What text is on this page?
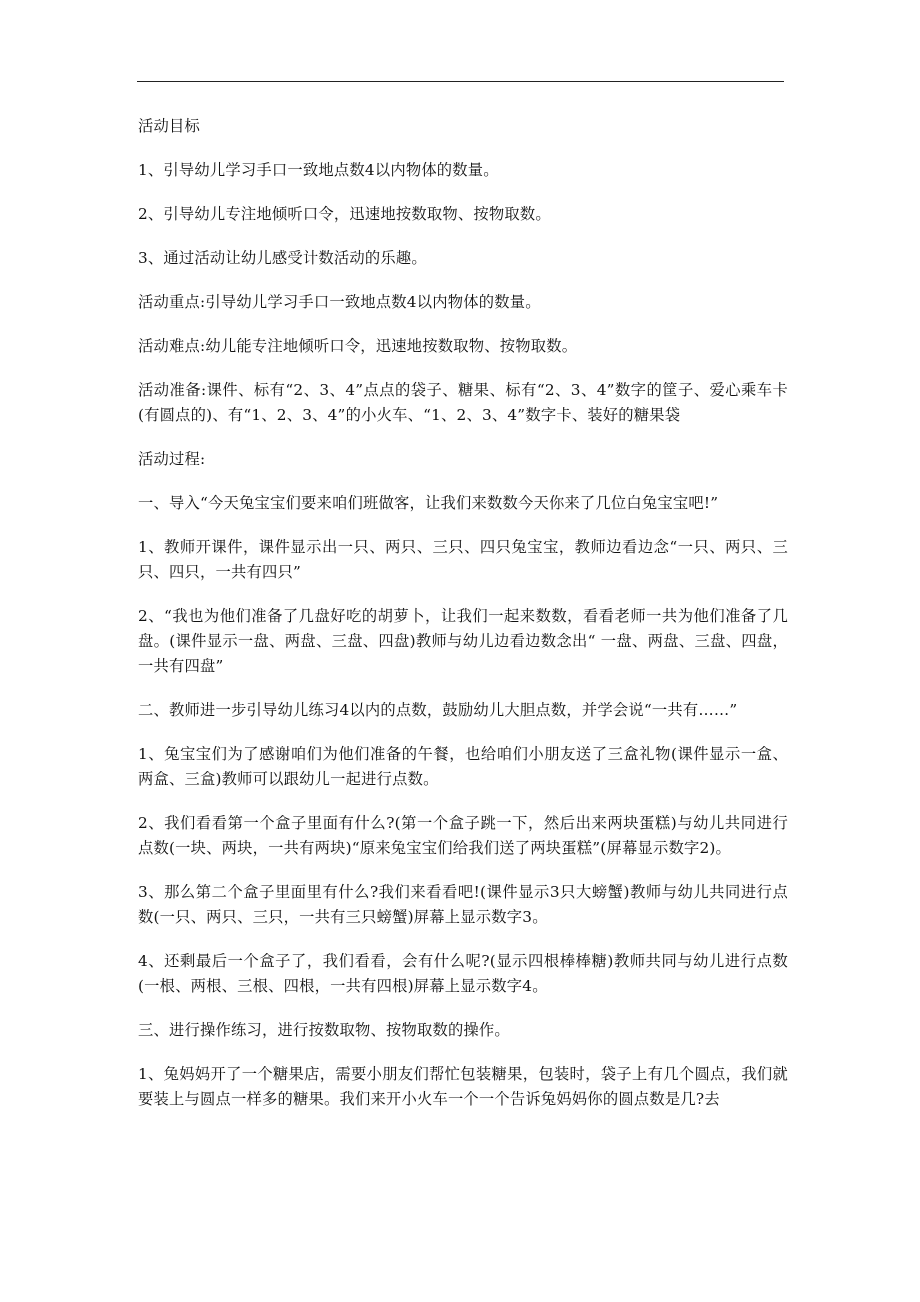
活动目标

1、引导幼儿学习手口一致地点数4以内物体的数量。

2、引导幼儿专注地倾听口令，迅速地按数取物、按物取数。

3、通过活动让幼儿感受计数活动的乐趣。

活动重点:引导幼儿学习手口一致地点数4以内物体的数量。

活动难点:幼儿能专注地倾听口令，迅速地按数取物、按物取数。

活动准备:课件、标有“2、3、4”点点的袋子、糖果、标有“2、3、4”数字的筐子、爱心乘车卡(有圆点的)、有“1、2、3、4”的小火车、“1、2、3、4”数字卡、装好的糖果袋

活动过程:

一、导入“今天兔宝宝们要来咱们班做客，让我们来数数今天你来了几位白兔宝宝吧!”

1、教师开课件，课件显示出一只、两只、三只、四只兔宝宝，教师边看边念“一只、两只、三只、四只，一共有四只”

2、“我也为他们准备了几盘好吃的胡萝卜，让我们一起来数数，看看老师一共为他们准备了几盘。(课件显示一盘、两盘、三盘、四盘)教师与幼儿边看边数念出“ 一盘、两盘、三盘、四盘，一共有四盘”

二、教师进一步引导幼儿练习4以内的点数，鼓励幼儿大胆点数，并学会说“一共有……”

1、兔宝宝们为了感谢咱们为他们准备的午餐，也给咱们小朋友送了三盒礼物(课件显示一盒、两盒、三盒)教师可以跟幼儿一起进行点数。

2、我们看看第一个盒子里面有什么?(第一个盒子跳一下，然后出来两块蛋糕)与幼儿共同进行点数(一块、两块，一共有两块)“原来兔宝宝们给我们送了两块蛋糕”(屏幕显示数字2)。

3、那么第二个盒子里面里有什么?我们来看看吧!(课件显示3只大螃蟹)教师与幼儿共同进行点数(一只、两只、三只，一共有三只螃蟹)屏幕上显示数字3。

4、还剩最后一个盒子了，我们看看，会有什么呢?(显示四根棒棒糖)教师共同与幼儿进行点数(一根、两根、三根、四根，一共有四根)屏幕上显示数字4。

三、进行操作练习，进行按数取物、按物取数的操作。

1、兔妈妈开了一个糖果店，需要小朋友们帮忙包装糖果，包装时，袋子上有几个圆点，我们就要装上与圆点一样多的糖果。我们来开小火车一个一个告诉兔妈妈你的圆点数是几?去
